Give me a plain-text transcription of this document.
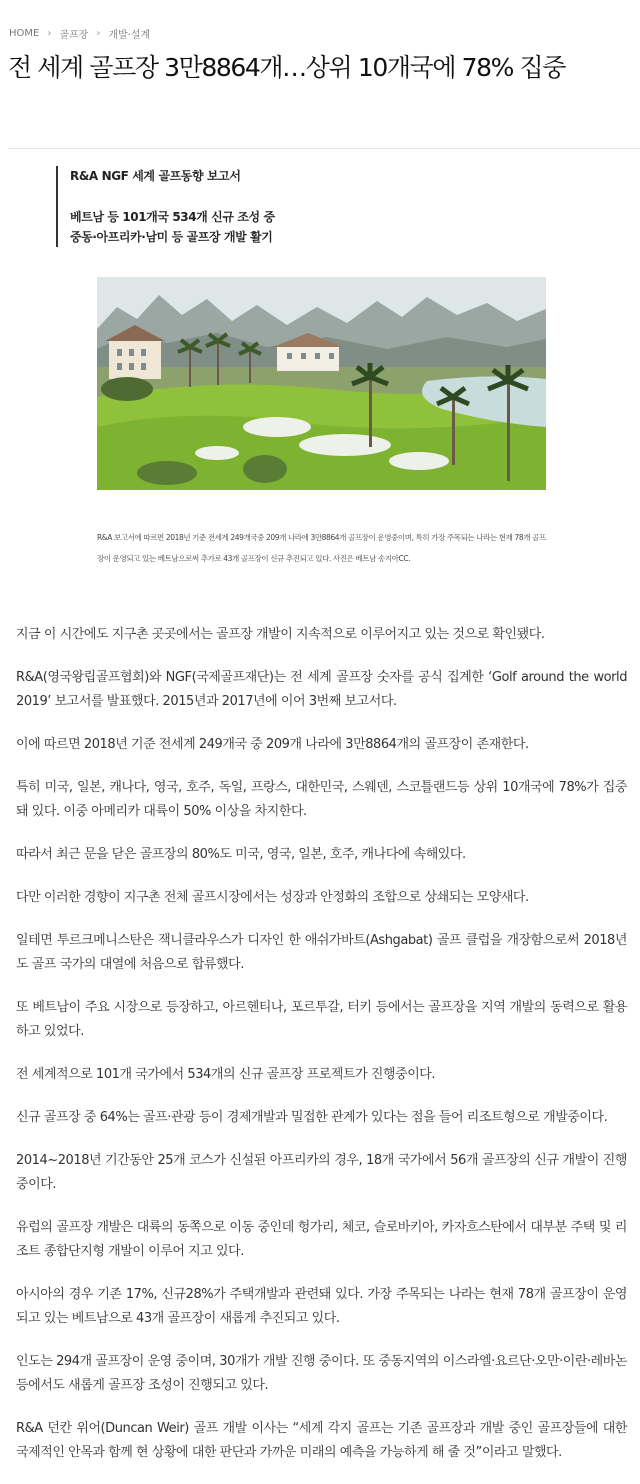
HOME › 골프장 › 개발·설계
전 세계 골프장 3만8864개…상위 10개국에 78% 집중

R&A NGF 세계 골프동향 보고서

베트남 등 101개국 534개 신규 조성 중

중동·아프리카·남미 등 골프장 개발 활기

R&A 보고서에 따르면 2018년 기준 전세계 249개국중 209개 나라에 3만8864개 골프장이 운영중이며, 특히 가장 주목되는 나라는 현재 78개 골프장이 운영되고 있는 베트남으로써 추가로 43개 골프장이 신규 추진되고 있다. 사진은 베트남 송지아CC.

지금 이 시간에도 지구촌 곳곳에서는 골프장 개발이 지속적으로 이루어지고 있는 것으로 확인됐다.

R&A(영국왕립골프협회)와 NGF(국제골프재단)는 전 세계 골프장 숫자를 공식 집계한 ‘Golf around the world 2019’ 보고서를 발표했다. 2015년과 2017년에 이어 3번째 보고서다.

이에 따르면 2018년 기준 전세계 249개국 중 209개 나라에 3만8864개의 골프장이 존재한다.

특히 미국, 일본, 캐나다, 영국, 호주, 독일, 프랑스, 대한민국, 스웨덴, 스코틀랜드등 상위 10개국에 78%가 집중돼 있다. 이중 아메리카 대륙이 50% 이상을 차지한다.

따라서 최근 문을 닫은 골프장의 80%도 미국, 영국, 일본, 호주, 캐나다에 속해있다.

다만 이러한 경향이 지구촌 전체 골프시장에서는 성장과 안정화의 조합으로 상쇄되는 모양새다.

일테면 투르크메니스탄은 잭니클라우스가 디자인 한 애쉬가바트(Ashgabat) 골프 클럽을 개장함으로써 2018년도 골프 국가의 대열에 처음으로 합류했다.

또 베트남이 주요 시장으로 등장하고, 아르헨티나, 포르투갈, 터키 등에서는 골프장을 지역 개발의 동력으로 활용하고 있었다.

전 세계적으로 101개 국가에서 534개의 신규 골프장 프로젝트가 진행중이다.

신규 골프장 중 64%는 골프·관광 등이 경제개발과 밀접한 관계가 있다는 점을 들어 리조트형으로 개발중이다.

2014~2018년 기간동안 25개 코스가 신설된 아프리카의 경우, 18개 국가에서 56개 골프장의 신규 개발이 진행중이다.

유럽의 골프장 개발은 대륙의 동쪽으로 이동 중인데 헝가리, 체코, 슬로바키아, 카자흐스탄에서 대부분 주택 및 리조트 종합단지형 개발이 이루어 지고 있다.

아시아의 경우 기존 17%, 신규28%가 주택개발과 관련돼 있다. 가장 주목되는 나라는 현재 78개 골프장이 운영되고 있는 베트남으로 43개 골프장이 새롭게 추진되고 있다.

인도는 294개 골프장이 운영 중이며, 30개가 개발 진행 중이다. 또 중동지역의 이스라엘·요르단·오만·이란·레바논 등에서도 새롭게 골프장 조성이 진행되고 있다.

R&A 던칸 위어(Duncan Weir) 골프 개발 이사는 “세계 각지 골프는 기존 골프장과 개발 중인 골프장들에 대한 국제적인 안목과 함께 현 상황에 대한 판단과 가까운 미래의 예측을 가능하게 해 줄 것”이라고 말했다.
